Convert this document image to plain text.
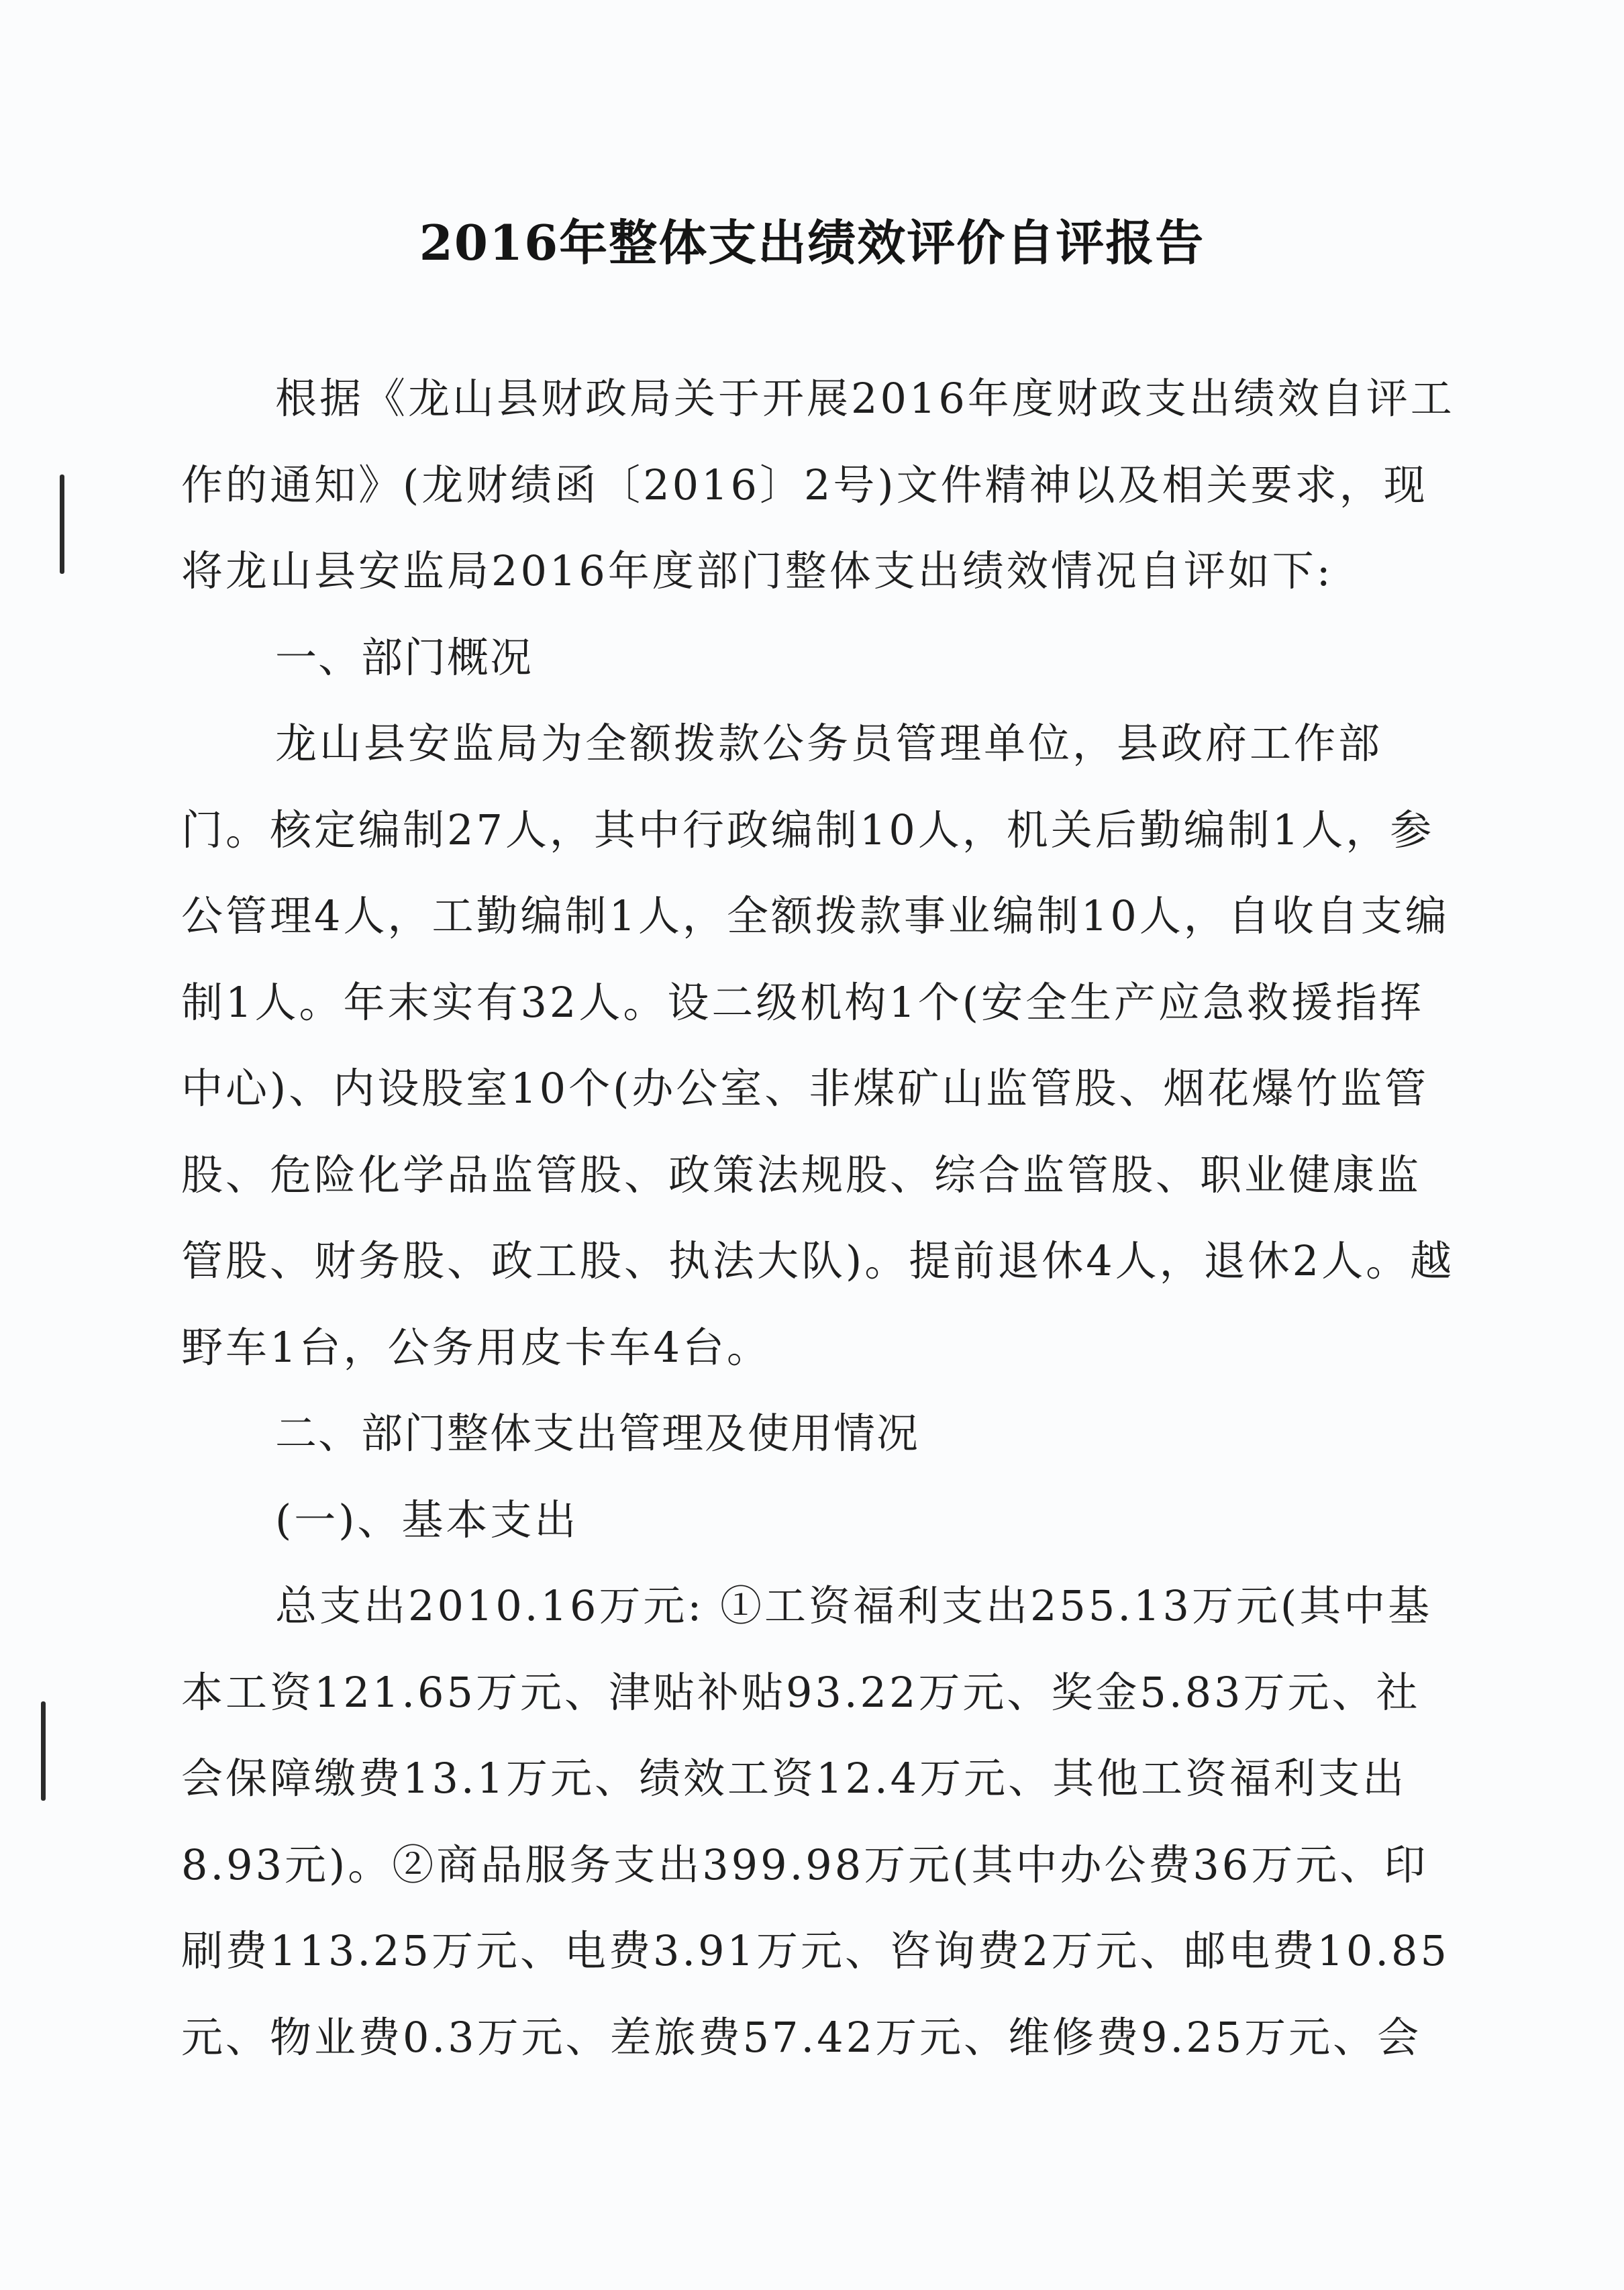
2016年整体支出绩效评价自评报告

根据《龙山县财政局关于开展2016年度财政支出绩效自评工作的通知》(龙财绩函〔2016〕2号)文件精神以及相关要求，现将龙山县安监局2016年度部门整体支出绩效情况自评如下:

一、部门概况

龙山县安监局为全额拨款公务员管理单位，县政府工作部门。核定编制27人，其中行政编制10人，机关后勤编制1人，参公管理4人，工勤编制1人，全额拨款事业编制10人，自收自支编制1人。年末实有32人。设二级机构1个(安全生产应急救援指挥中心)、内设股室10个(办公室、非煤矿山监管股、烟花爆竹监管股、危险化学品监管股、政策法规股、综合监管股、职业健康监管股、财务股、政工股、执法大队)。提前退休4人，退休2人。越野车1台，公务用皮卡车4台。

二、部门整体支出管理及使用情况

(一)、基本支出

总支出2010.16万元: ①工资福利支出255.13万元(其中基本工资121.65万元、津贴补贴93.22万元、奖金5.83万元、社会保障缴费13.1万元、绩效工资12.4万元、其他工资福利支出8.93元)。②商品服务支出399.98万元(其中办公费36万元、印刷费113.25万元、电费3.91万元、咨询费2万元、邮电费10.85元、物业费0.3万元、差旅费57.42万元、维修费9.25万元、会
